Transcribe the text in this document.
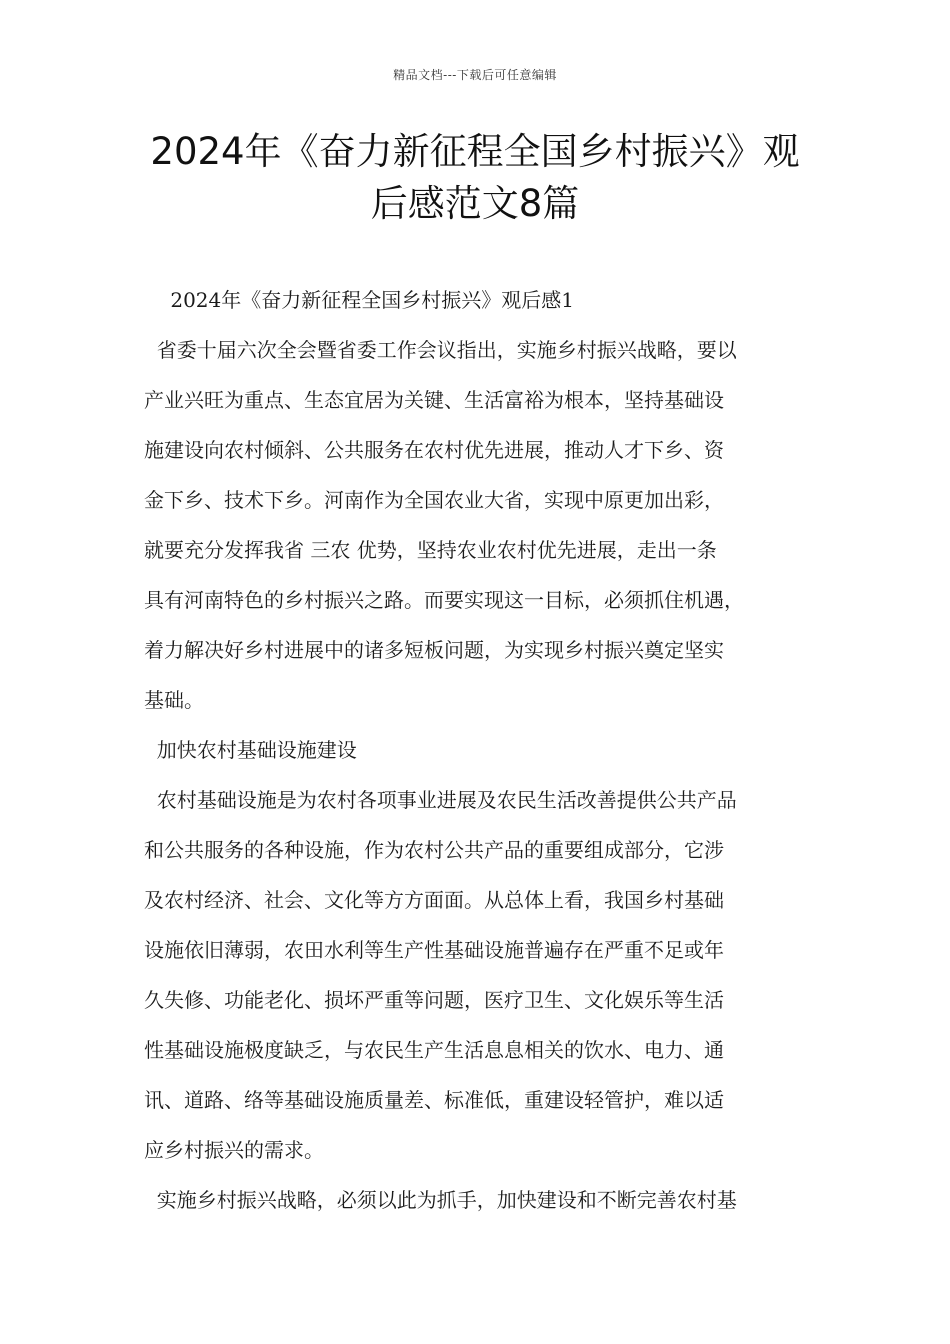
精品文档---下载后可任意编辑
2024年《奋力新征程全国乡村振兴》观
后感范文8篇
　 2024年《奋力新征程全国乡村振兴》观后感1
省委十届六次全会暨省委工作会议指出，实施乡村振兴战略，要以
产业兴旺为重点、生态宜居为关键、生活富裕为根本，坚持基础设
施建设向农村倾斜、公共服务在农村优先进展，推动人才下乡、资
金下乡、技术下乡。河南作为全国农业大省，实现中原更加出彩，
就要充分发挥我省 三农 优势，坚持农业农村优先进展，走出一条
具有河南特色的乡村振兴之路。而要实现这一目标，必须抓住机遇，
着力解决好乡村进展中的诸多短板问题，为实现乡村振兴奠定坚实
基础。
加快农村基础设施建设
农村基础设施是为农村各项事业进展及农民生活改善提供公共产品
和公共服务的各种设施，作为农村公共产品的重要组成部分，它涉
及农村经济、社会、文化等方方面面。从总体上看，我国乡村基础
设施依旧薄弱，农田水利等生产性基础设施普遍存在严重不足或年
久失修、功能老化、损坏严重等问题，医疗卫生、文化娱乐等生活
性基础设施极度缺乏，与农民生产生活息息相关的饮水、电力、通
讯、道路、络等基础设施质量差、标准低，重建设轻管护，难以适
应乡村振兴的需求。
实施乡村振兴战略，必须以此为抓手，加快建设和不断完善农村基
